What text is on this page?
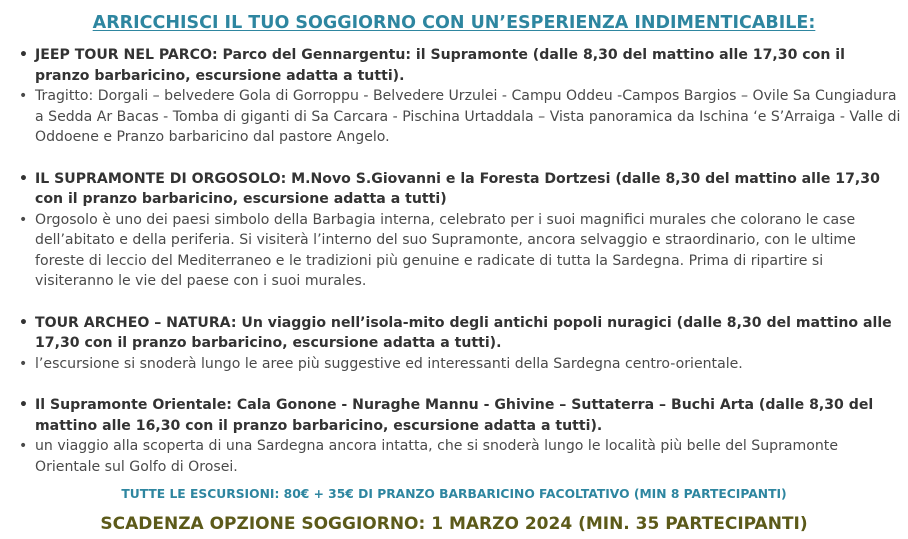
ARRICCHISCI IL TUO SOGGIORNO CON UN’ESPERIENZA INDIMENTICABILE:
• JEEP TOUR NEL PARCO: Parco del Gennargentu: il Supramonte (dalle 8,30 del mattino alle 17,30 con il pranzo barbaricino, escursione adatta a tutti).
• Tragitto: Dorgali – belvedere Gola di Gorroppu - Belvedere Urzulei - Campu Oddeu -Campos Bargios – Ovile Sa Cungiadura a Sedda Ar Bacas - Tomba di giganti di Sa Carcara - Pischina Urtaddala – Vista panoramica da Ischina ‘e S’Arraiga - Valle di Oddoene e Pranzo barbaricino dal pastore Angelo.
• IL SUPRAMONTE DI ORGOSOLO: M.Novo S.Giovanni e la Foresta Dortzesi (dalle 8,30 del mattino alle 17,30 con il pranzo barbaricino, escursione adatta a tutti)
• Orgosolo è uno dei paesi simbolo della Barbagia interna, celebrato per i suoi magnifici murales che colorano le case dell’abitato e della periferia. Si visiterà l’interno del suo Supramonte, ancora selvaggio e straordinario, con le ultime foreste di leccio del Mediterraneo e le tradizioni più genuine e radicate di tutta la Sardegna. Prima di ripartire si visiteranno le vie del paese con i suoi murales.
• TOUR ARCHEO – NATURA: Un viaggio nell’isola-mito degli antichi popoli nuragici (dalle 8,30 del mattino alle 17,30 con il pranzo barbaricino, escursione adatta a tutti).
• l’escursione si snoderà lungo le aree più suggestive ed interessanti della Sardegna centro-orientale.
• Il Supramonte Orientale: Cala Gonone - Nuraghe Mannu - Ghivine – Suttaterra – Buchi Arta (dalle 8,30 del mattino alle 16,30 con il pranzo barbaricino, escursione adatta a tutti).
• un viaggio alla scoperta di una Sardegna ancora intatta, che si snoderà lungo le località più belle del Supramonte Orientale sul Golfo di Orosei.
TUTTE LE ESCURSIONI: 80€ + 35€ DI PRANZO BARBARICINO FACOLTATIVO (MIN 8 PARTECIPANTI)
SCADENZA OPZIONE SOGGIORNO: 1 MARZO 2024 (MIN. 35 PARTECIPANTI)
